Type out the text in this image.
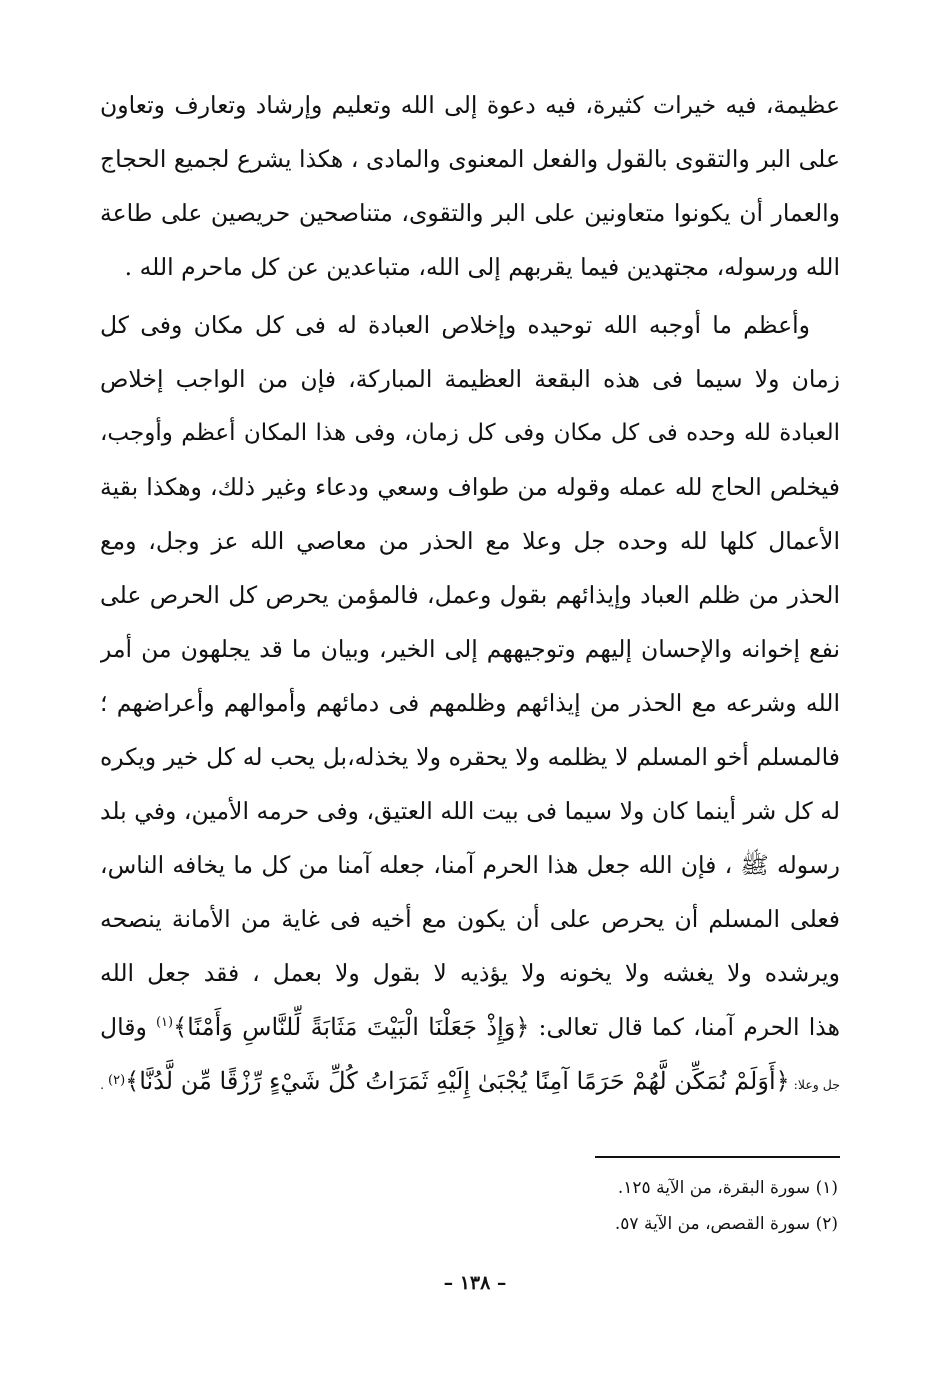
عظيمة، فيه خيرات كثيرة، فيه دعوة إلى الله وتعليم وإرشاد وتعارف وتعاون
على البر والتقوى بالقول والفعل المعنوى والمادى ، هكذا يشرع لجميع الحجاج
والعمار أن يكونوا متعاونين على البر والتقوى، متناصحين حريصين على طاعة
الله ورسوله، مجتهدين فيما يقربهم إلى الله، متباعدين عن كل ماحرم الله .
وأعظم ما أوجبه الله توحيده وإخلاص العبادة له فى كل مكان وفى كل
زمان ولا سيما فى هذه البقعة العظيمة المباركة، فإن من الواجب إخلاص
العبادة لله وحده فى كل مكان وفى كل زمان، وفى هذا المكان أعظم وأوجب،
فيخلص الحاج لله عمله وقوله من طواف وسعي ودعاء وغير ذلك، وهكذا بقية
الأعمال كلها لله وحده جل وعلا مع الحذر من معاصي الله عز وجل، ومع
الحذر من ظلم العباد وإيذائهم بقول وعمل، فالمؤمن يحرص كل الحرص على
نفع إخوانه والإحسان إليهم وتوجيههم إلى الخير، وبيان ما قد يجلهون من أمر
الله وشرعه مع الحذر من إيذائهم وظلمهم فى دمائهم وأموالهم وأعراضهم ؛
فالمسلم أخو المسلم لا يظلمه ولا يحقره ولا يخذله،بل يحب له كل خير ويكره
له كل شر أينما كان ولا سيما فى بيت الله العتيق، وفى حرمه الأمين، وفي بلد
رسوله ﷺ ، فإن الله جعل هذا الحرم آمنا، جعله آمنا من كل ما يخافه الناس،
فعلى المسلم أن يحرص على أن يكون مع أخيه فى غاية من الأمانة ينصحه
ويرشده ولا يغشه ولا يخونه ولا يؤذيه لا بقول ولا بعمل ، فقد جعل الله
هذا الحرم آمنا، كما قال تعالى: ﴿وَإِذْ جَعَلْنَا الْبَيْتَ مَثَابَةً لِّلنَّاسِ وَأَمْنًا﴾$^{(١)}$ وقال
جل وعلا: ﴿أَوَلَمْ نُمَكِّن لَّهُمْ حَرَمًا آمِنًا يُجْبَىٰ إِلَيْهِ ثَمَرَاتُ كُلِّ شَيْءٍ رِّزْقًا مِّن لَّدُنَّا﴾(٢) .
(١) سورة البقرة، من الآية ١٢٥.
(٢) سورة القصص، من الآية ٥٧.
– ١٣٨ –
